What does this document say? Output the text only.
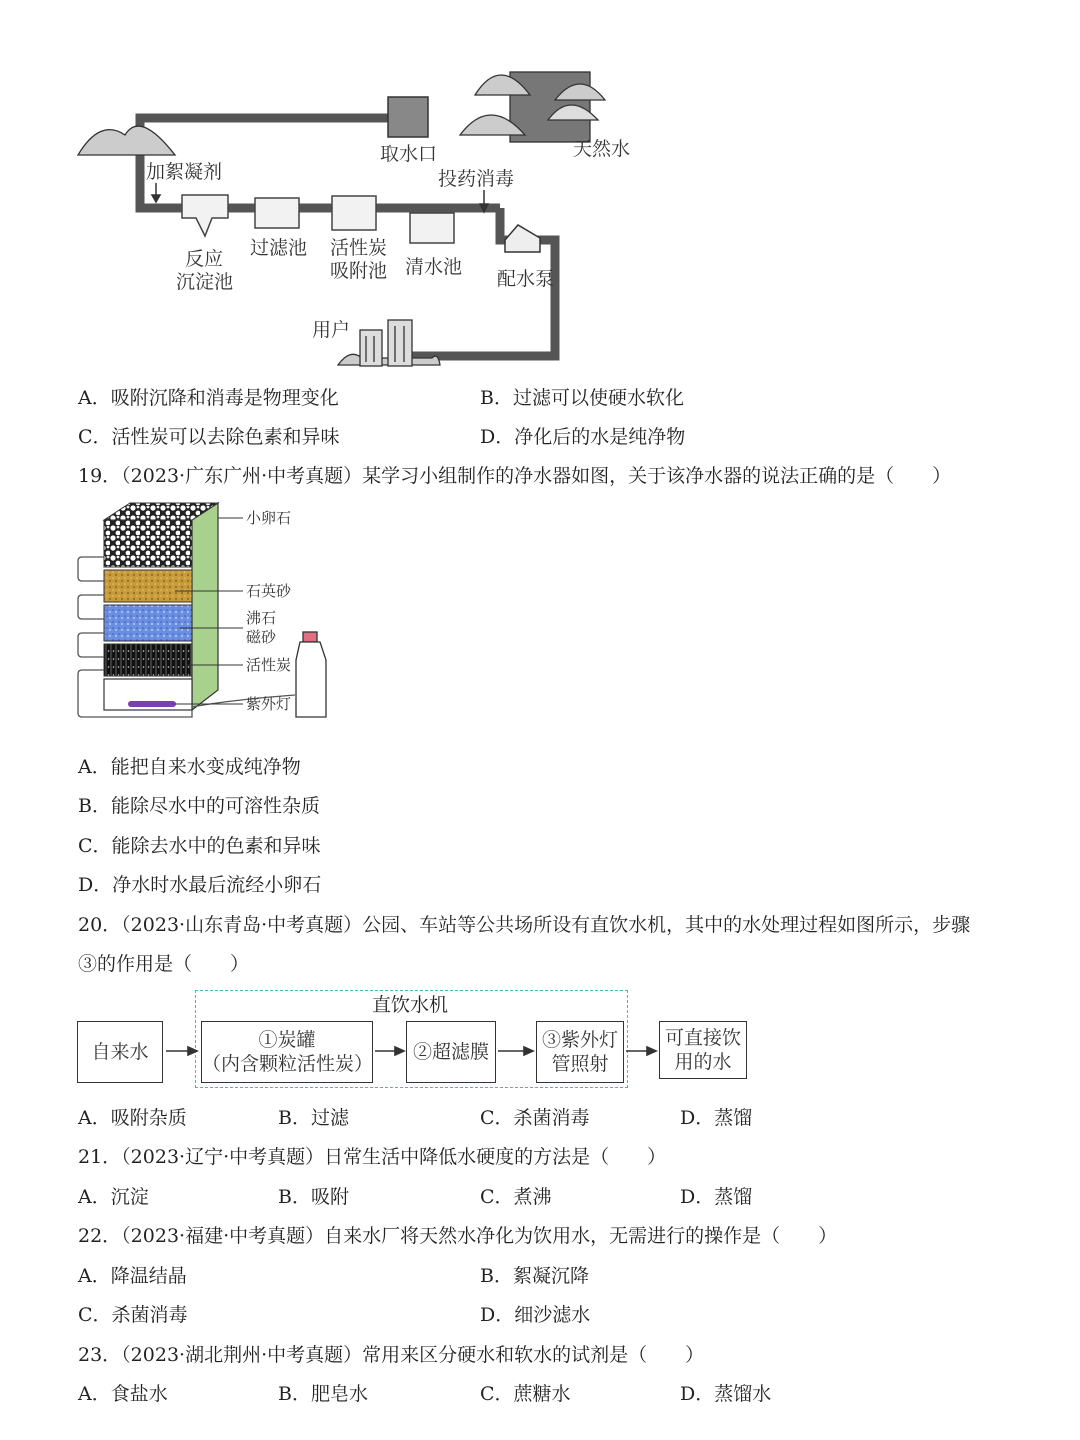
取水口	天然水
加絮凝剂
反应
沉淀池
过滤池 活性炭
吸附池 清水池
投药消毒
配水泵
用户
A．吸附沉降和消毒是物理变化	B．过滤可以使硬水软化
C．活性炭可以去除色素和异味	D．净化后的水是纯净物
19．（2023·广东广州·中考真题）某学习小组制作的净水器如图，关于该净水器的说法正确的是（　　）
小卵石
石英砂
沸石
磁砂
活性炭
紫外灯
A．能把自来水变成纯净物
B．能除尽水中的可溶性杂质
C．能除去水中的色素和异味
D．净水时水最后流经小卵石
20．（2023·山东青岛·中考真题）公园、车站等公共场所设有直饮水机，其中的水处理过程如图所示，步骤
③的作用是（　　）
直饮水机
自来水
①炭罐
（内含颗粒活性炭）
②超滤膜
③紫外灯
管照射
可直接饮
用的水
A．吸附杂质	B．过滤	C．杀菌消毒	D．蒸馏
21．（2023·辽宁·中考真题）日常生活中降低水硬度的方法是（　　）
A．沉淀	B．吸附	C．煮沸	D．蒸馏
22．（2023·福建·中考真题）自来水厂将天然水净化为饮用水，无需进行的操作是（　　）
A．降温结晶	B．絮凝沉降
C．杀菌消毒	D．细沙滤水
23．（2023·湖北荆州·中考真题）常用来区分硬水和软水的试剂是（　　）
A．食盐水	B．肥皂水	C．蔗糖水	D．蒸馏水
